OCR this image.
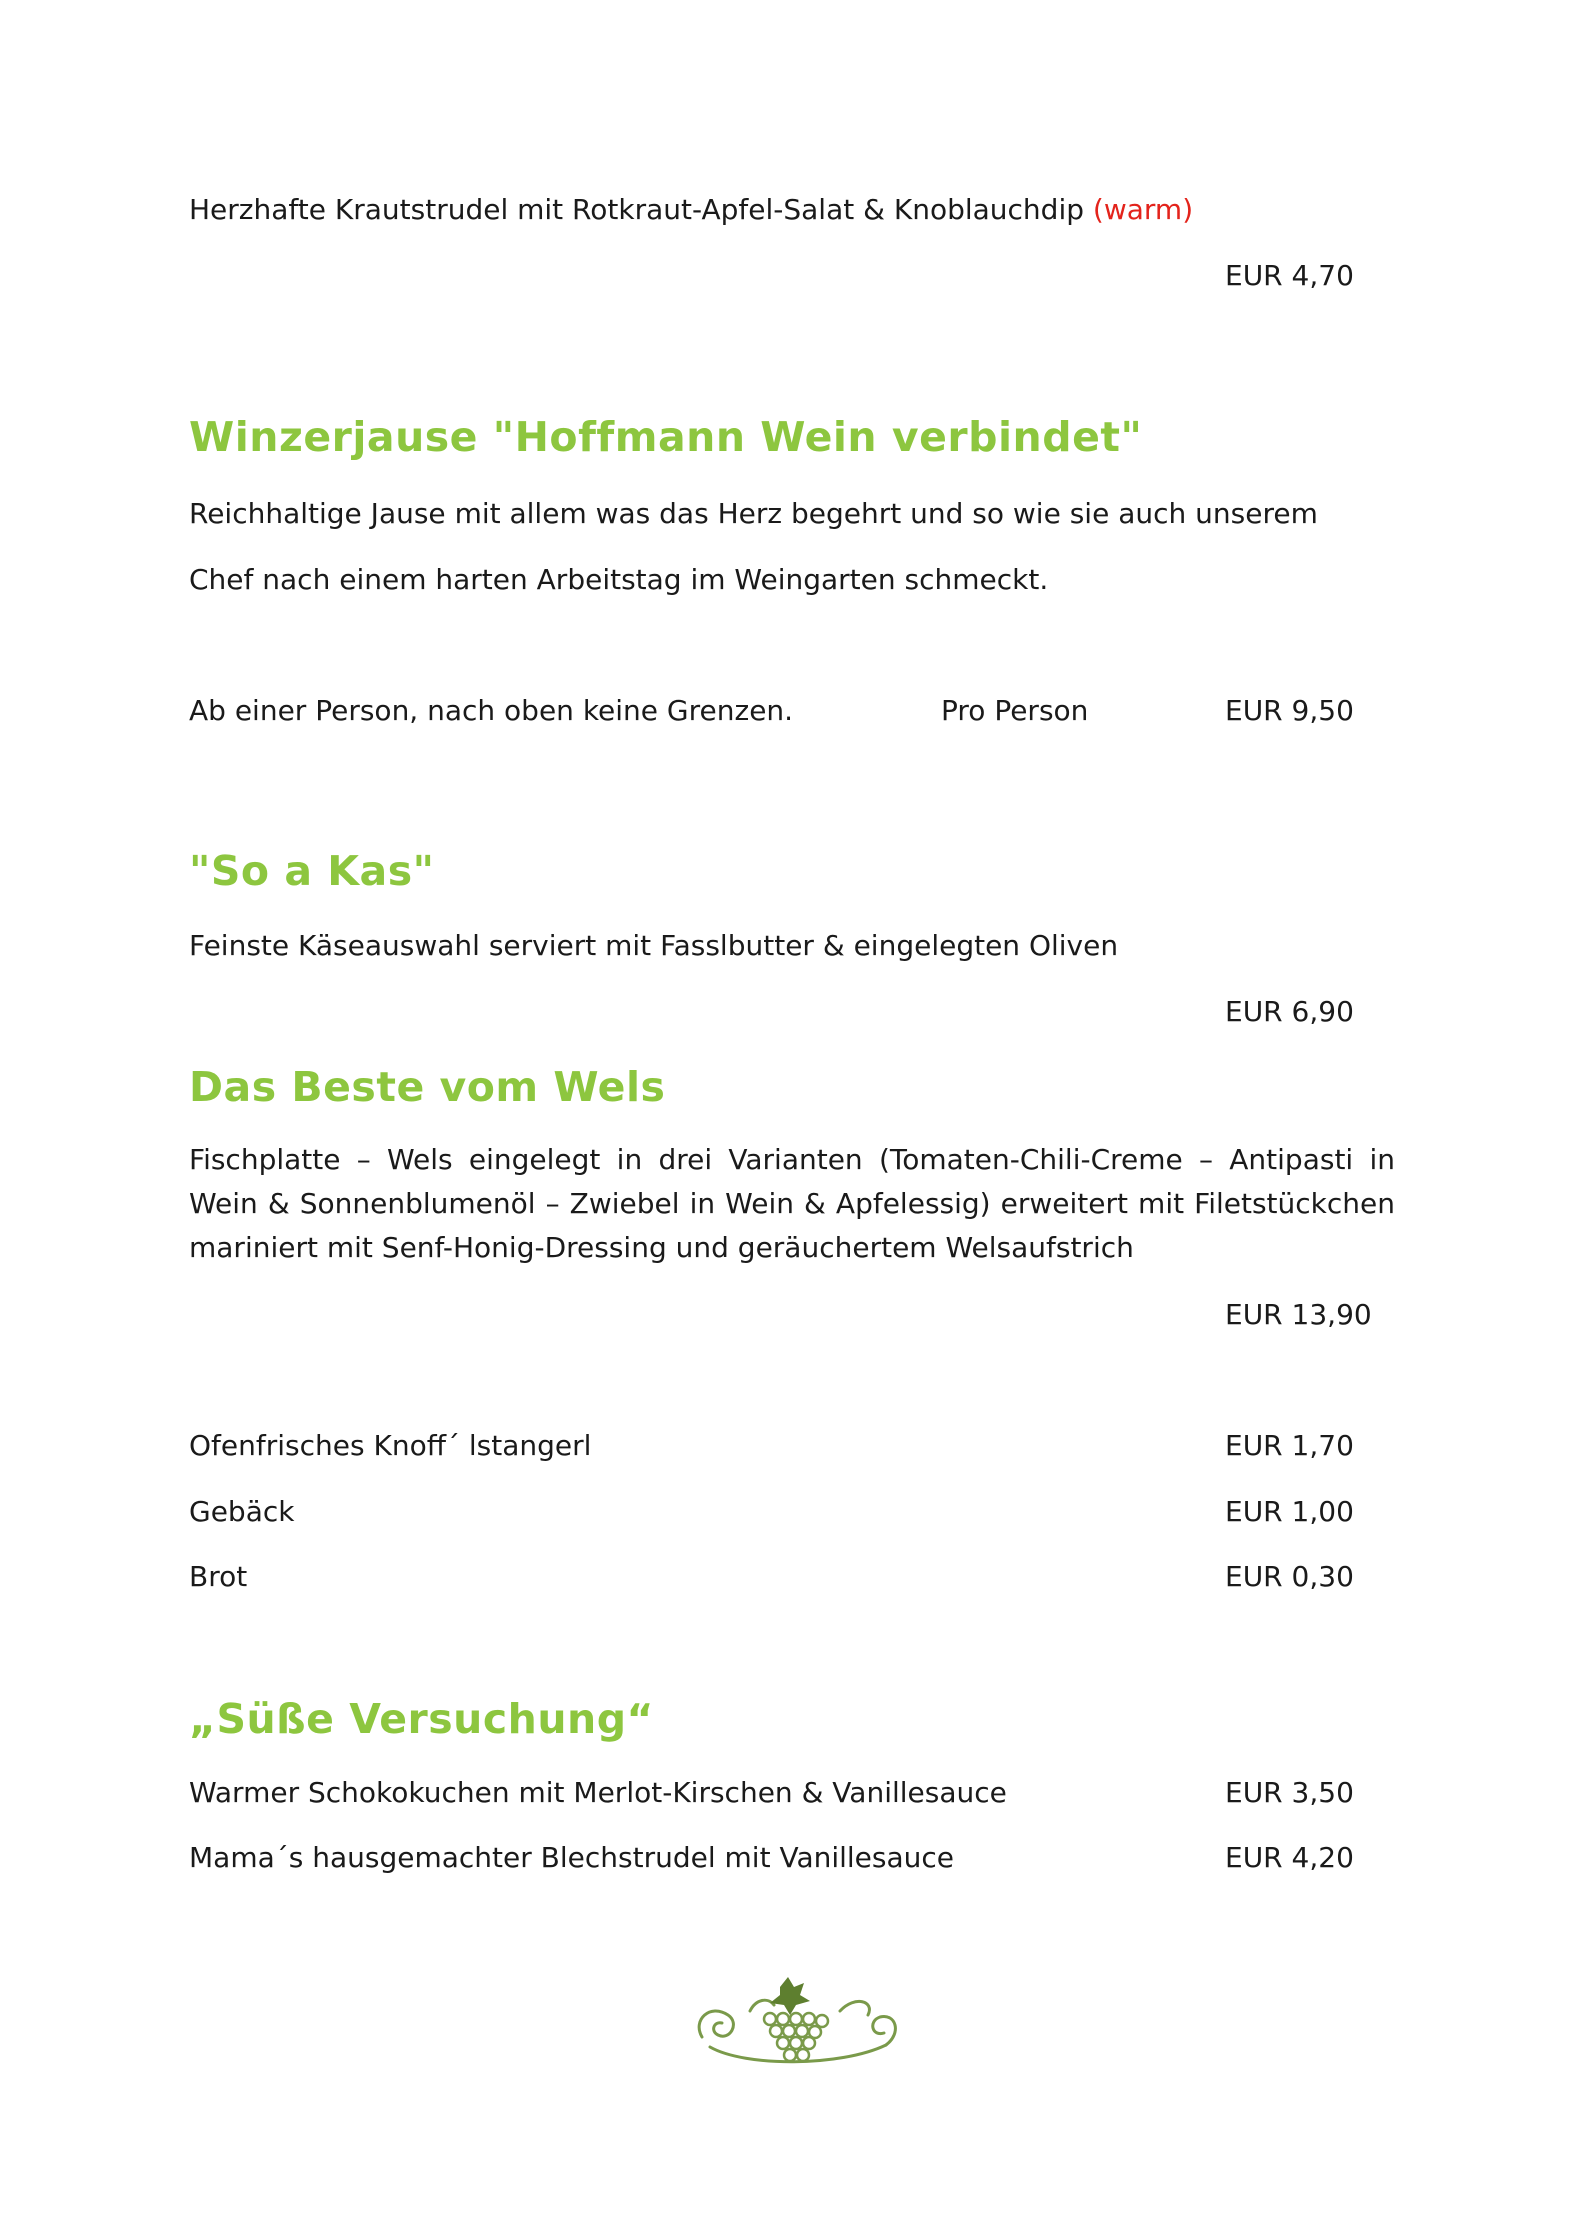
Herzhafte Krautstrudel mit Rotkraut-Apfel-Salat & Knoblauchdip (warm)
EUR 4,70
Winzerjause "Hoffmann Wein verbindet"
Reichhaltige Jause mit allem was das Herz begehrt und so wie sie auch unserem
Chef nach einem harten Arbeitstag im Weingarten schmeckt.
Ab einer Person, nach oben keine Grenzen.	Pro Person	EUR 9,50
"So a Kas"
Feinste Käseauswahl serviert mit Fasslbutter & eingelegten Oliven
EUR 6,90
Das Beste vom Wels
Fischplatte – Wels eingelegt in drei Varianten (Tomaten-Chili-Creme – Antipasti in Wein & Sonnenblumenöl – Zwiebel in Wein & Apfelessig) erweitert mit Filetstückchen mariniert mit Senf-Honig-Dressing und geräuchertem Welsaufstrich
EUR 13,90
Ofenfrisches Knoff´ lstangerl	EUR 1,70
Gebäck	EUR 1,00
Brot	EUR 0,30
„Süße Versuchung“
Warmer Schokokuchen mit Merlot-Kirschen & Vanillesauce	EUR 3,50
Mama´s hausgemachter Blechstrudel mit Vanillesauce	EUR 4,20
